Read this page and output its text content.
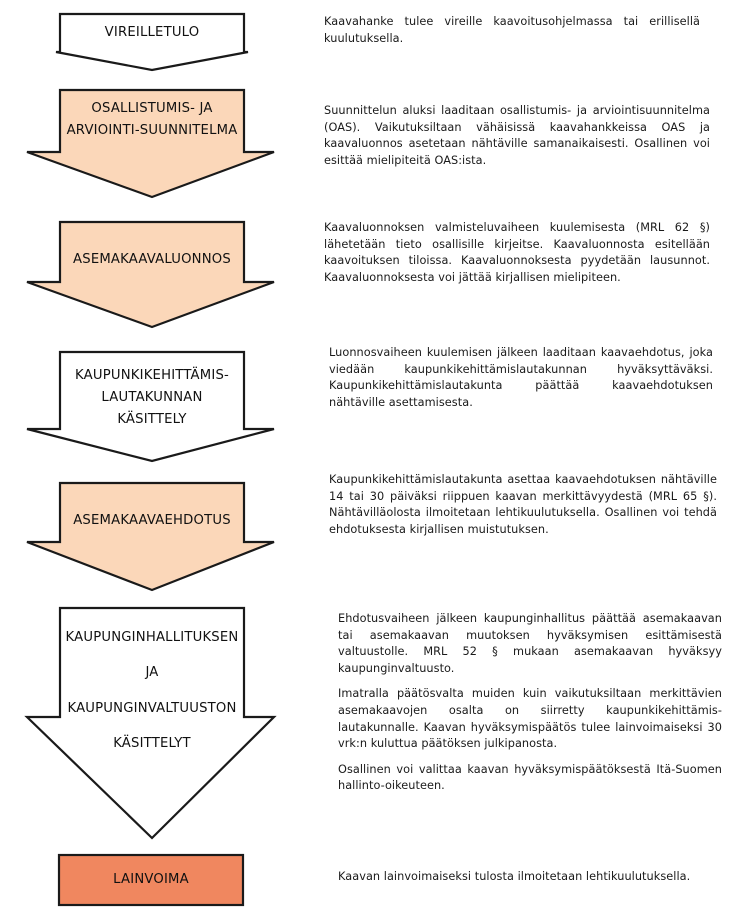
VIREILLETULO

Kaavahanke tulee vireille kaavoitusohjelmassa tai erillisellä kuulutuksella.

OSALLISTUMIS- JA
ARVIOINTI-SUUNNITELMA

Suunnittelun aluksi laaditaan osallistumis- ja arviointisuunnitelma (OAS). Vaikutuksiltaan vähäisissä kaavahankkeissa OAS ja kaavaluonnos asetetaan nähtäville samanaikaisesti. Osallinen voi esittää mielipiteitä OAS:ista.

ASEMAKAAVALUONNOS

Kaavaluonnoksen valmisteluvaiheen kuulemisesta (MRL 62 §) lähetetään tieto osallisille kirjeitse. Kaavaluonnosta esitellään kaavoituksen tiloissa. Kaavaluonnoksesta pyydetään lausunnot. Kaavaluonnoksesta voi jättää kirjallisen mielipiteen.

KAUPUNKIKEHITTÄMIS-
LAUTAKUNNAN
KÄSITTELY

Luonnosvaiheen kuulemisen jälkeen laaditaan kaavaehdotus, joka viedään kaupunkikehittämislautakunnan hyväksyttäväksi. Kaupunkikehittämislautakunta päättää kaavaehdotuksen nähtäville asettamisesta.

ASEMAKAAVAEHDOTUS

Kaupunkikehittämislautakunta asettaa kaavaehdotuksen nähtäville 14 tai 30 päiväksi riippuen kaavan merkittävyydestä (MRL 65 §). Nähtävilläolosta ilmoitetaan lehtikuulutuksella. Osallinen voi tehdä ehdotuksesta kirjallisen muistutuksen.

KAUPUNGINHALLITUKSEN
JA
KAUPUNGINVALTUUSTON
KÄSITTELYT

Ehdotusvaiheen jälkeen kaupunginhallitus päättää asemakaavan tai asemakaavan muutoksen hyväksymisen esittämisestä valtuustolle. MRL 52 § mukaan asemakaavan hyväksyy kaupunginvaltuusto.

Imatralla päätösvalta muiden kuin vaikutuksiltaan merkittävien asemakaavojen osalta on siirretty kaupunkikehittämis-lautakunnalle. Kaavan hyväksymispäätös tulee lainvoimaiseksi 30 vrk:n kuluttua päätöksen julkipanosta.

Osallinen voi valittaa kaavan hyväksymispäätöksestä Itä-Suomen hallinto-oikeuteen.

LAINVOIMA	Kaavan lainvoimaiseksi tulosta ilmoitetaan lehtikuulutuksella.
